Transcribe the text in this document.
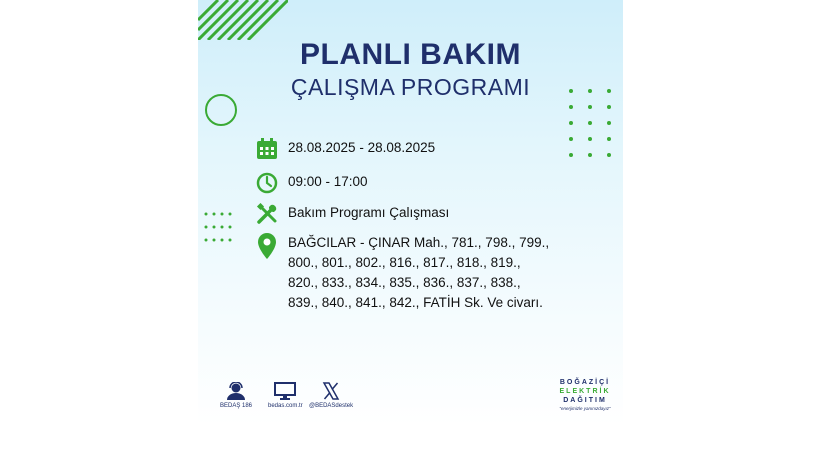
PLANLI BAKIM
ÇALIŞMA PROGRAMI
28.08.2025 - 28.08.2025
09:00 - 17:00
Bakım Programı Çalışması
BAĞCILAR - ÇINAR Mah., 781., 798., 799.,
800., 801., 802., 816., 817., 818., 819.,
820., 833., 834., 835., 836., 837., 838.,
839., 840., 841., 842., FATİH Sk. Ve civarı.
BEDAŞ 186	bedas.com.tr @BEDASdestek
BOĞAZİÇİ
ELEKTRİK
DAĞITIM
"enerjimizle yanınızdayız"
